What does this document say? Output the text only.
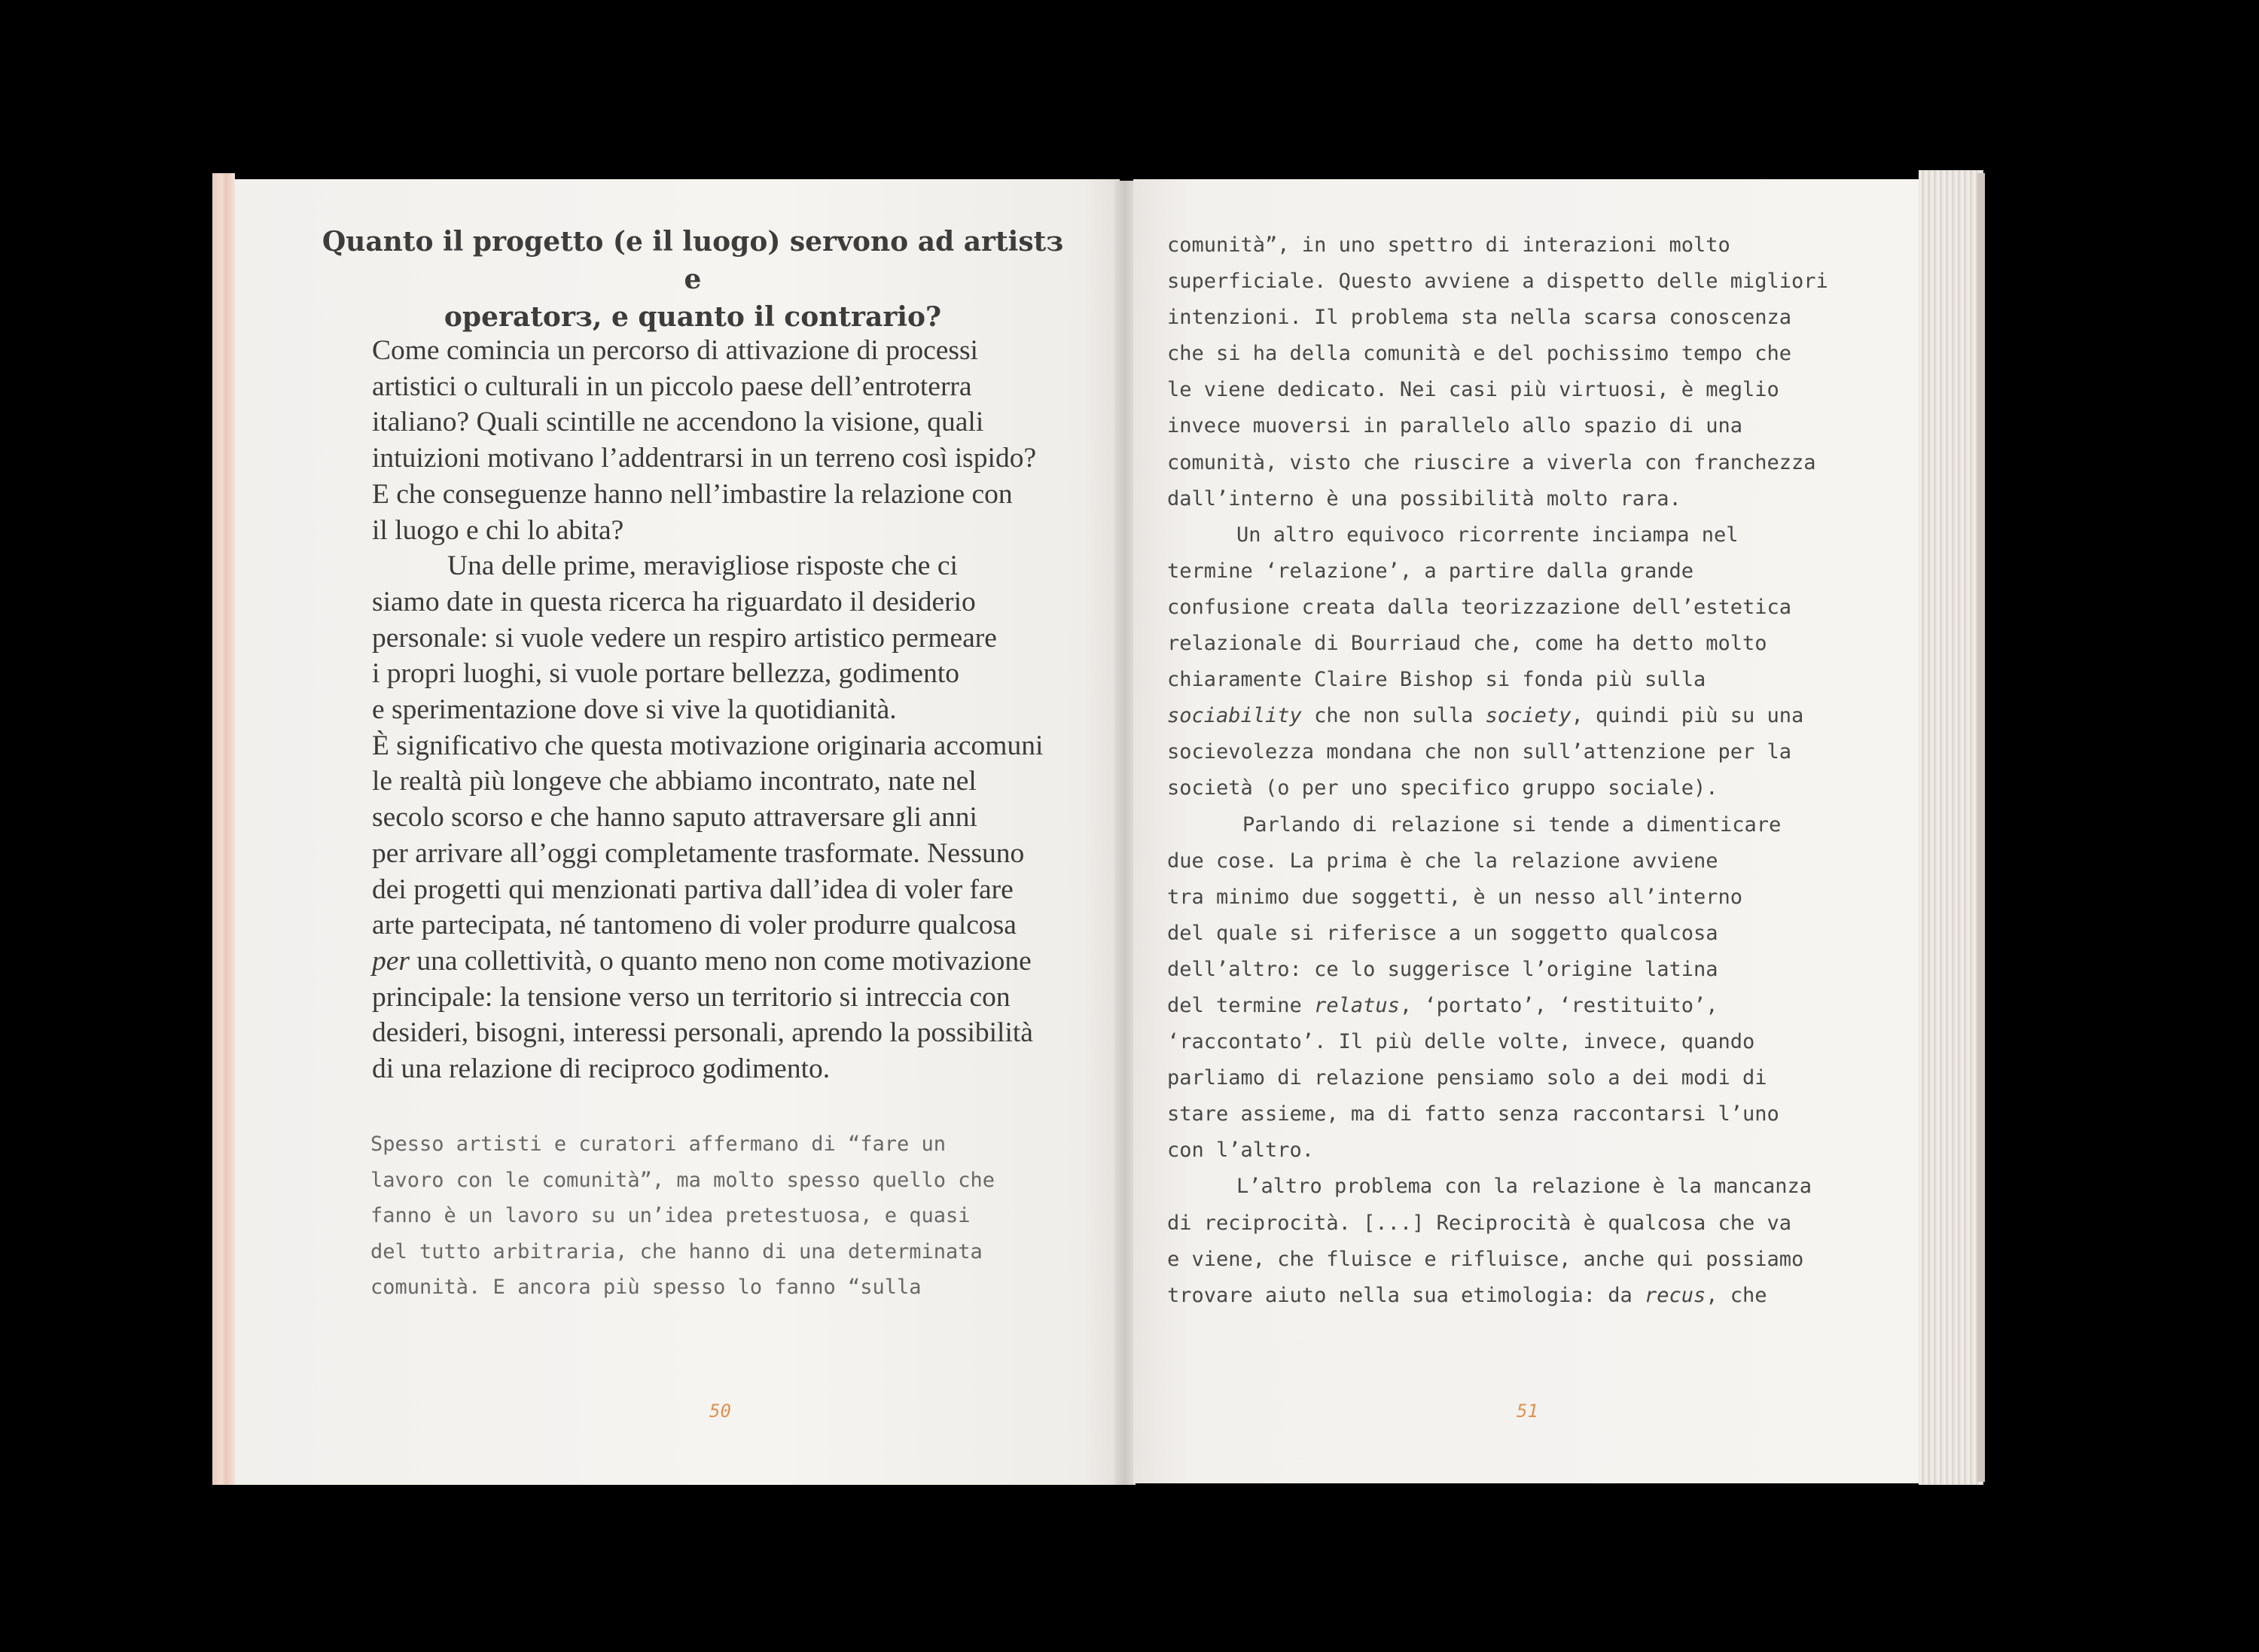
Quanto il progetto (e il luogo) servono ad artistз e
operatorз, e quanto il contrario?
Come comincia un percorso di attivazione di processi
artistici o culturali in un piccolo paese dell’entroterra
italiano? Quali scintille ne accendono la visione, quali
intuizioni motivano l’addentrarsi in un terreno così ispido?
E che conseguenze hanno nell’imbastire la relazione con
il luogo e chi lo abita?
Una delle prime, meravigliose risposte che ci
siamo date in questa ricerca ha riguardato il desiderio
personale: si vuole vedere un respiro artistico permeare
i propri luoghi, si vuole portare bellezza, godimento
e sperimentazione dove si vive la quotidianità.
È significativo che questa motivazione originaria accomuni
le realtà più longeve che abbiamo incontrato, nate nel
secolo scorso e che hanno saputo attraversare gli anni
per arrivare all’oggi completamente trasformate. Nessuno
dei progetti qui menzionati partiva dall’idea di voler fare
arte partecipata, né tantomeno di voler produrre qualcosa
per una collettività, o quanto meno non come motivazione
principale: la tensione verso un territorio si intreccia con
desideri, bisogni, interessi personali, aprendo la possibilità
di una relazione di reciproco godimento.
Spesso artisti e curatori affermano di “fare un
lavoro con le comunità”, ma molto spesso quello che
fanno è un lavoro su un’idea pretestuosa, e quasi
del tutto arbitraria, che hanno di una determinata
comunità. E ancora più spesso lo fanno “sulla
comunità”, in uno spettro di interazioni molto
superficiale. Questo avviene a dispetto delle migliori
intenzioni. Il problema sta nella scarsa conoscenza
che si ha della comunità e del pochissimo tempo che
le viene dedicato. Nei casi più virtuosi, è meglio
invece muoversi in parallelo allo spazio di una
comunità, visto che riuscire a viverla con franchezza
dall’interno è una possibilità molto rara.
Un altro equivoco ricorrente inciampa nel
termine ‘relazione’, a partire dalla grande
confusione creata dalla teorizzazione dell’estetica
relazionale di Bourriaud che, come ha detto molto
chiaramente Claire Bishop si fonda più sulla
sociability che non sulla society, quindi più su una
socievolezza mondana che non sull’attenzione per la
società (o per uno specifico gruppo sociale).
Parlando di relazione si tende a dimenticare
due cose. La prima è che la relazione avviene
tra minimo due soggetti, è un nesso all’interno
del quale si riferisce a un soggetto qualcosa
dell’altro: ce lo suggerisce l’origine latina
del termine relatus, ‘portato’, ‘restituito’,
‘raccontato’. Il più delle volte, invece, quando
parliamo di relazione pensiamo solo a dei modi di
stare assieme, ma di fatto senza raccontarsi l’uno
con l’altro.
L’altro problema con la relazione è la mancanza
di reciprocità. [...] Reciprocità è qualcosa che va
e viene, che fluisce e rifluisce, anche qui possiamo
trovare aiuto nella sua etimologia: da recus, che
50	51
